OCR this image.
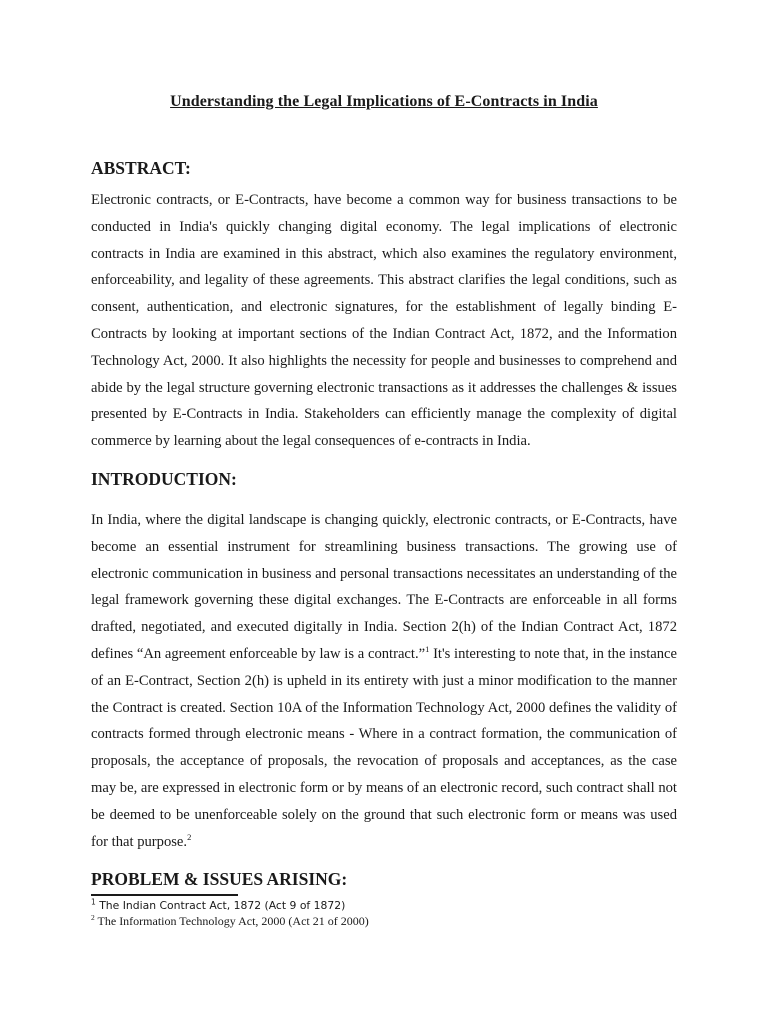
Understanding the Legal Implications of E-Contracts in India
ABSTRACT:

Electronic contracts, or E-Contracts, have become a common way for business transactions to be conducted in India's quickly changing digital economy. The legal implications of electronic contracts in India are examined in this abstract, which also examines the regulatory environment, enforceability, and legality of these agreements. This abstract clarifies the legal conditions, such as consent, authentication, and electronic signatures, for the establishment of legally binding E-Contracts by looking at important sections of the Indian Contract Act, 1872, and the Information Technology Act, 2000. It also highlights the necessity for people and businesses to comprehend and abide by the legal structure governing electronic transactions as it addresses the challenges & issues presented by E-Contracts in India. Stakeholders can efficiently manage the complexity of digital commerce by learning about the legal consequences of e-contracts in India.

INTRODUCTION:

In India, where the digital landscape is changing quickly, electronic contracts, or E-Contracts, have become an essential instrument for streamlining business transactions. The growing use of electronic communication in business and personal transactions necessitates an understanding of the legal framework governing these digital exchanges. The E-Contracts are enforceable in all forms drafted, negotiated, and executed digitally in India. Section 2(h) of the Indian Contract Act, 1872 defines “An agreement enforceable by law is a contract.”$^1$ It's interesting to note that, in the instance of an E-Contract, Section 2(h) is upheld in its entirety with just a minor modification to the manner the Contract is created. Section 10A of the Information Technology Act, 2000 defines the validity of contracts formed through electronic means - Where in a contract formation, the communication of proposals, the acceptance of proposals, the revocation of proposals and acceptances, as the case may be, are expressed in electronic form or by means of an electronic record, such contract shall not be deemed to be unenforceable solely on the ground that such electronic form or means was used for that purpose.$^2$

PROBLEM & ISSUES ARISING:
$^1$ The Indian Contract Act, 1872 (Act 9 of 1872)
$^2$ The Information Technology Act, 2000 (Act 21 of 2000)
